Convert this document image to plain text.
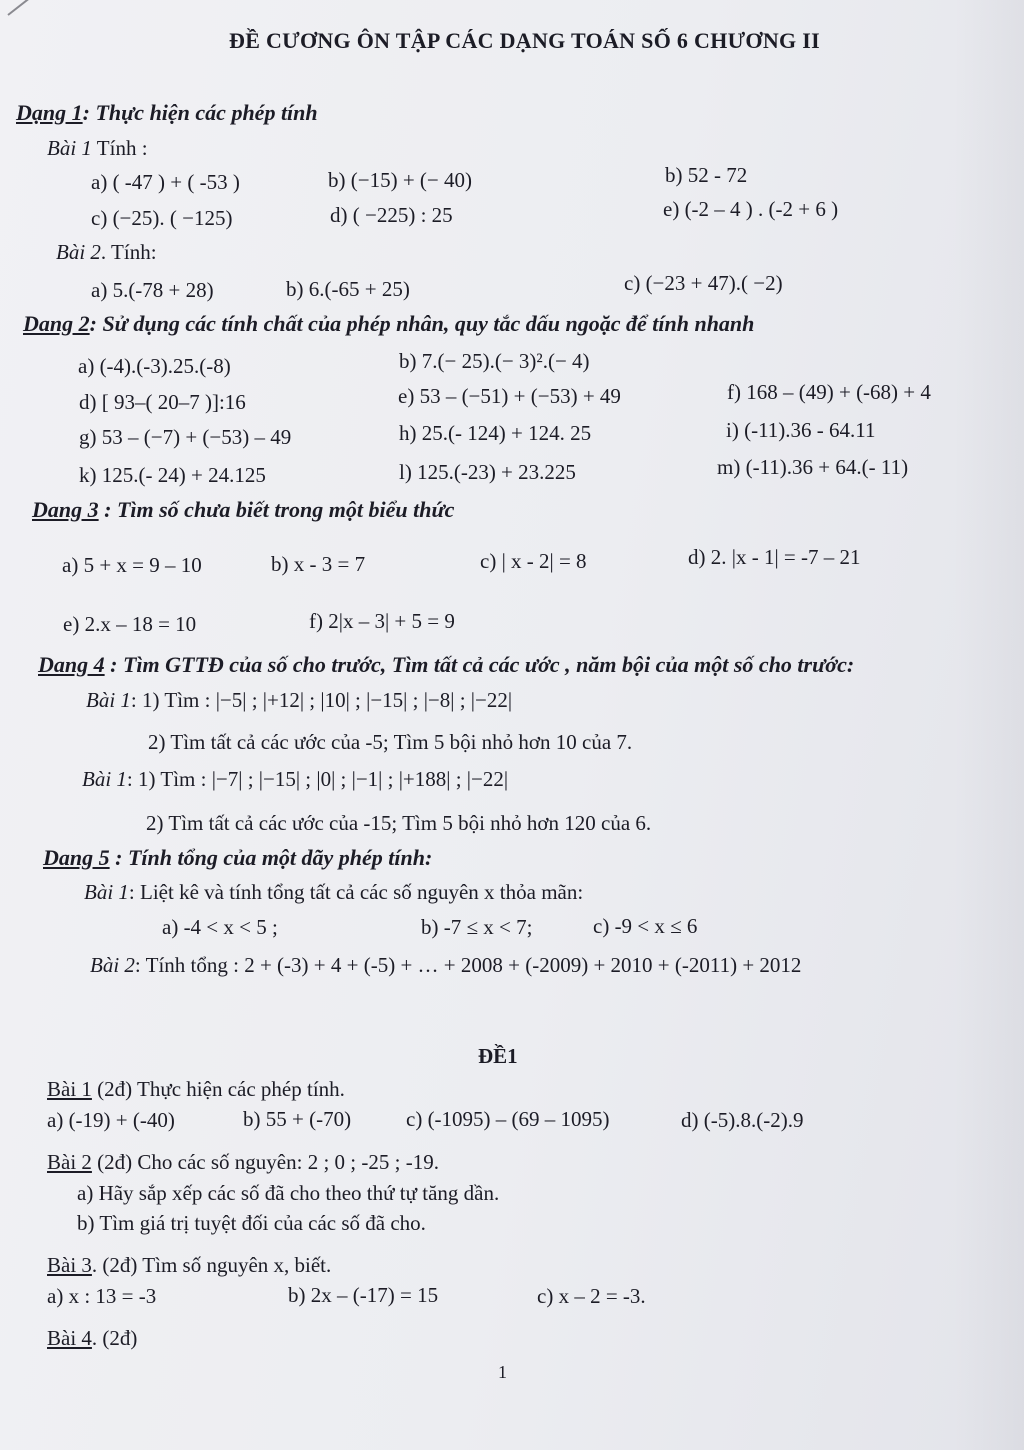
ĐỀ CƯƠNG ÔN TẬP CÁC DẠNG TOÁN SỐ 6 CHƯƠNG II
Dạng 1: Thực hiện các phép tính
Bài 1 Tính :
a) ( -47 ) + ( -53 )	b) (−15) + (− 40)	b) 52 - 72
c) (−25). ( −125)	d) ( −225) : 25	e) (-2 – 4 ) . (-2 + 6 )
Bài 2. Tính:
a) 5.(-78 + 28)	b) 6.(-65 + 25)	c) (−23 + 47).( −2)
Dang 2: Sử dụng các tính chất của phép nhân, quy tắc dấu ngoặc để tính nhanh
a) (-4).(-3).25.(-8)	b) 7.(− 25).(− 3)².(− 4)
d) [ 93–( 20–7 )]:16	e) 53 – (−51) + (−53) + 49	f) 168 – (49) + (-68) + 4
g) 53 – (−7) + (−53) – 49	h) 25.(- 124) + 124. 25	i) (-11).36 - 64.11
k) 125.(- 24) + 24.125	l) 125.(-23) + 23.225	m) (-11).36 + 64.(- 11)
Dang 3 : Tìm số chưa biết trong một biểu thức
a) 5 + x = 9 – 10	b) x - 3 = 7	c) | x - 2| = 8	d) 2. |x - 1| = -7 – 21
e) 2.x – 18 = 10	f) 2|x – 3| + 5 = 9
Dang 4 : Tìm GTTĐ của số cho trước, Tìm tất cả các ước , năm bội của một số cho trước:
Bài 1: 1) Tìm : |−5| ; |+12| ; |10| ; |−15| ; |−8| ; |−22|
2) Tìm tất cả các ước của -5; Tìm 5 bội nhỏ hơn 10 của 7.
Bài 1: 1) Tìm : |−7| ; |−15| ; |0| ; |−1| ; |+188| ; |−22|
2) Tìm tất cả các ước của -15; Tìm 5 bội nhỏ hơn 120 của 6.
Dang 5 : Tính tổng của một dãy phép tính:
Bài 1: Liệt kê và tính tổng tất cả các số nguyên x thỏa mãn:
a) -4 < x < 5 ;	b) -7 ≤ x < 7;	c) -9 < x ≤ 6
Bài 2: Tính tổng : 2 + (-3) + 4 + (-5) + … + 2008 + (-2009) + 2010 + (-2011) + 2012
ĐỀ1
Bài 1 (2đ) Thực hiện các phép tính.
a) (-19) + (-40)	b) 55 + (-70)	c) (-1095) – (69 – 1095)	d) (-5).8.(-2).9
Bài 2 (2đ) Cho các số nguyên: 2 ; 0 ; -25 ; -19.
a) Hãy sắp xếp các số đã cho theo thứ tự tăng dần.
b) Tìm giá trị tuyệt đối của các số đã cho.
Bài 3. (2đ) Tìm số nguyên x, biết.
a) x : 13 = -3	b) 2x – (-17) = 15	c) x – 2 = -3.
Bài 4. (2đ)
1
